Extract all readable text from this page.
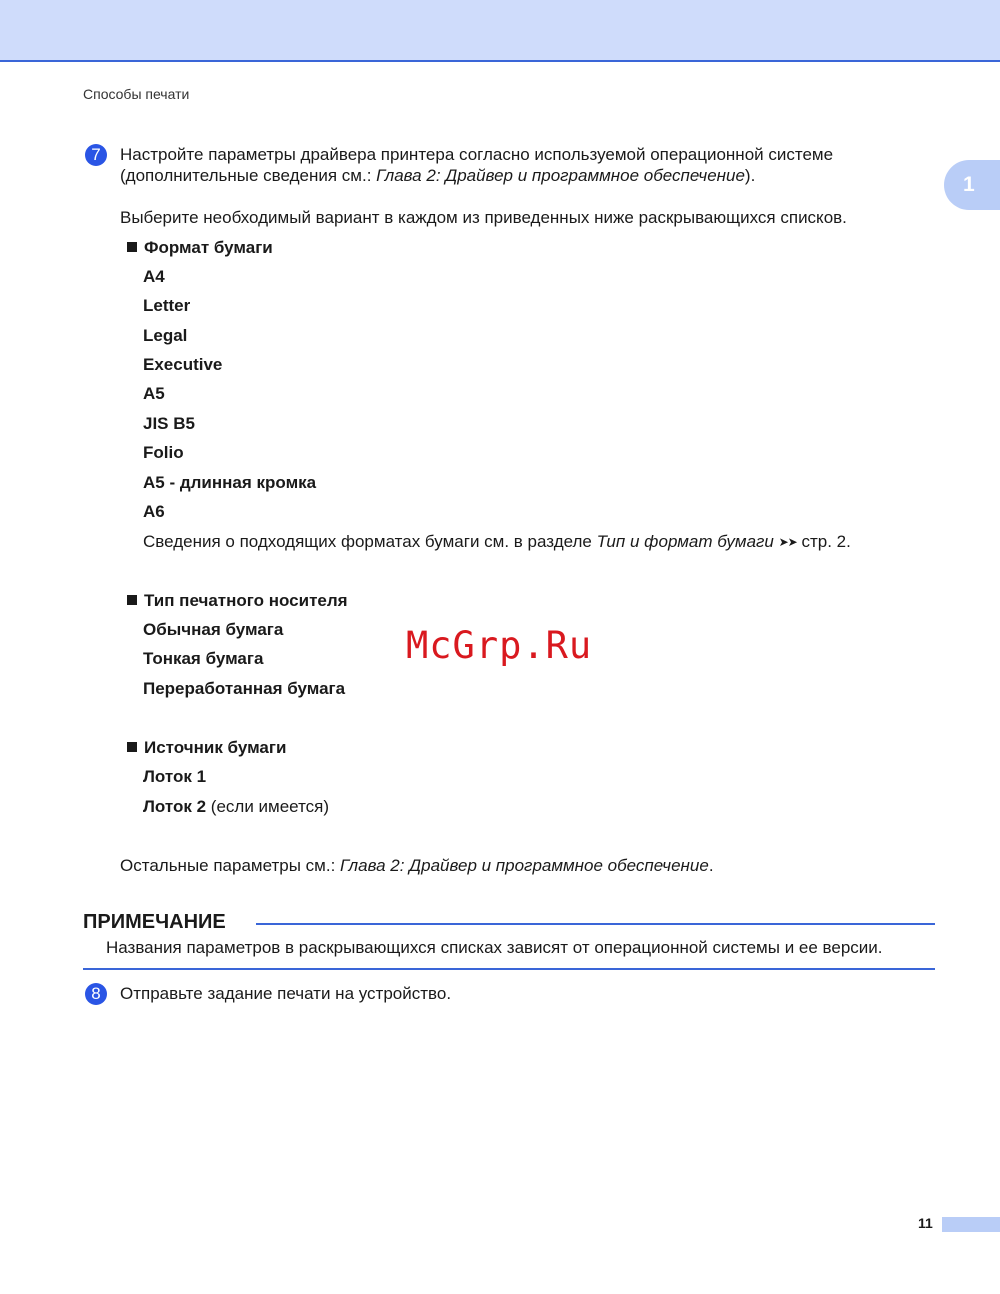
Способы печати
1
7	Настройте параметры драйвера принтера согласно используемой операционной системе
(дополнительные сведения см.: Глава 2: Драйвер и программное обеспечение).
Выберите необходимый вариант в каждом из приведенных ниже раскрывающихся списков.
Формат бумаги
A4
Letter
Legal
Executive
A5
JIS B5
Folio
A5 - длинная кромка
A6
Сведения о подходящих форматах бумаги см. в разделе Тип и формат бумаги ➤➤ стр. 2.
Тип печатного носителя
Обычная бумага
Тонкая бумага
Переработанная бумага
Источник бумаги
Лоток 1
Лоток 2 (если имеется)
Остальные параметры см.: Глава 2: Драйвер и программное обеспечение.
ПРИМЕЧАНИЕ
Названия параметров в раскрывающихся списках зависят от операционной системы и ее версии.
8	Отправьте задание печати на устройство.
McGrp.Ru
11
